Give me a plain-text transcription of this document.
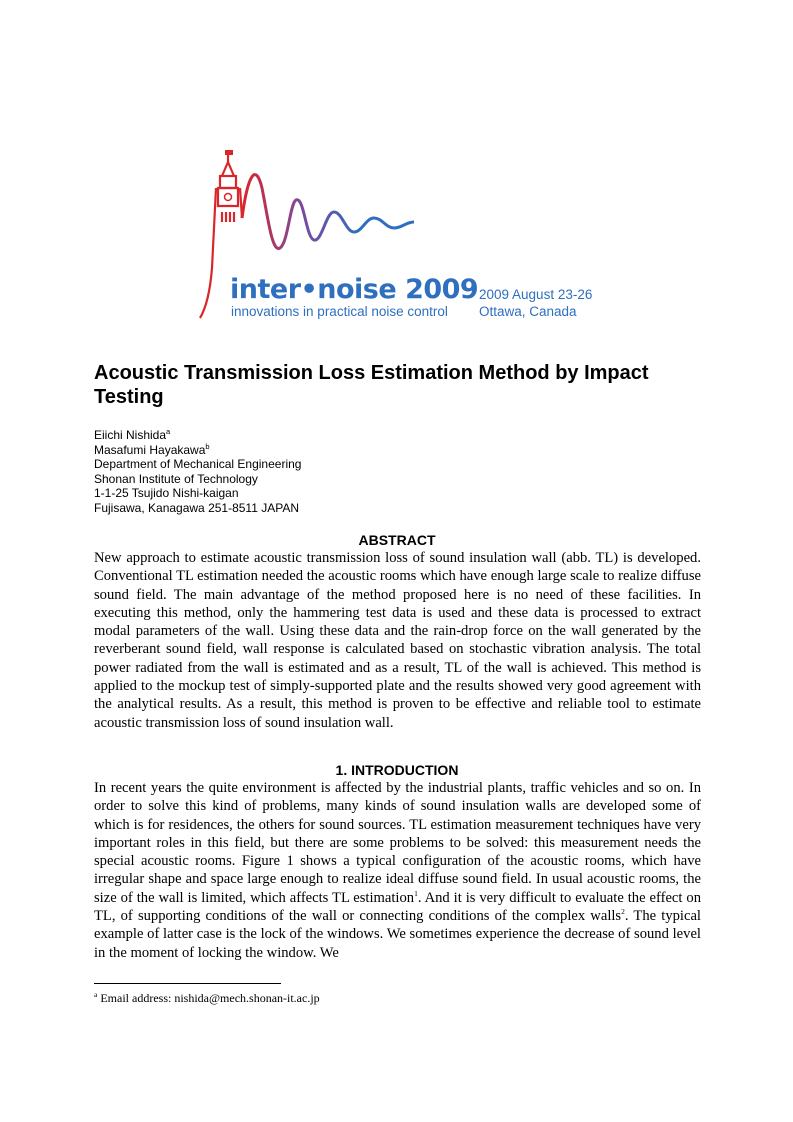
inter•noise 2009
innovations in practical noise control
2009 August 23-26
Ottawa, Canada
Acoustic Transmission Loss Estimation Method by Impact Testing
Eiichi Nishida$^a$
Masafumi Hayakawa$^b$
Department of Mechanical Engineering
Shonan Institute of Technology
1-1-25 Tsujido Nishi-kaigan
Fujisawa, Kanagawa 251-8511 JAPAN
ABSTRACT

New approach to estimate acoustic transmission loss of sound insulation wall (abb. TL) is developed. Conventional TL estimation needed the acoustic rooms which have enough large scale to realize diffuse sound field. The main advantage of the method proposed here is no need of these facilities. In executing this method, only the hammering test data is used and these data is processed to extract modal parameters of the wall. Using these data and the rain-drop force on the wall generated by the reverberant sound field, wall response is calculated based on stochastic vibration analysis. The total power radiated from the wall is estimated and as a result, TL of the wall is achieved. This method is applied to the mockup test of simply-supported plate and the results showed very good agreement with the analytical results. As a result, this method is proven to be effective and reliable tool to estimate acoustic transmission loss of sound insulation wall.

1. INTRODUCTION

In recent years the quite environment is affected by the industrial plants, traffic vehicles and so on. In order to solve this kind of problems, many kinds of sound insulation walls are developed some of which is for residences, the others for sound sources. TL estimation measurement techniques have very important roles in this field, but there are some problems to be solved: this measurement needs the special acoustic rooms. Figure 1 shows a typical configuration of the acoustic rooms, which have irregular shape and space large enough to realize ideal diffuse sound field. In usual acoustic rooms, the size of the wall is limited, which affects TL estimation$^1$. And it is very difficult to evaluate the effect on TL, of supporting conditions of the wall or connecting conditions of the complex walls$^2$. The typical example of latter case is the lock of the windows. We sometimes experience the decrease of sound level in the moment of locking the window. We

$^a$ Email address: nishida@mech.shonan-it.ac.jp
